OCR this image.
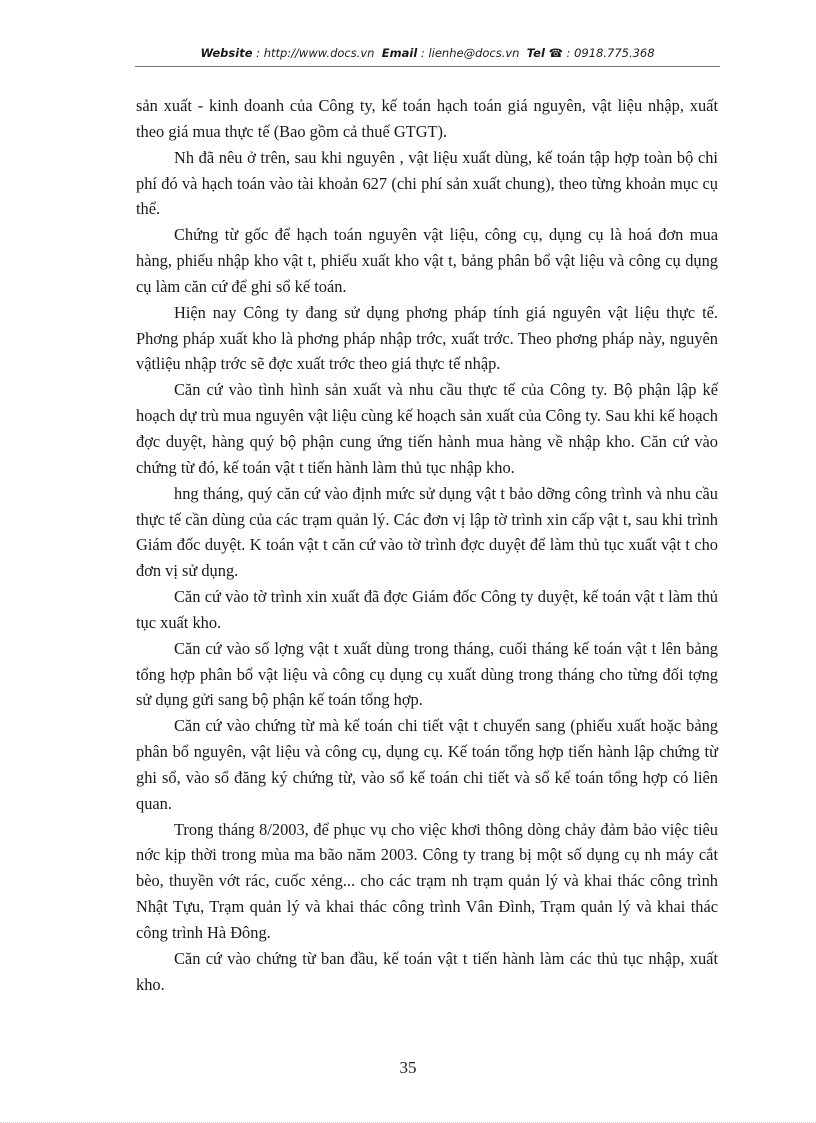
Website : http://www.docs.vn Email : lienhe@docs.vn Tel ☎ : 0918.775.368

sản xuất - kinh doanh của Công ty, kế toán hạch toán giá nguyên, vật liệu nhập, xuất theo giá mua thực tế (Bao gồm cả thuế GTGT).

Nh đã nêu ở trên, sau khi nguyên , vật liệu xuất dùng, kế toán tập hợp toàn bộ chi phí đó và hạch toán vào tài khoản 627 (chi phí sản xuất chung), theo từng khoản mục cụ thể.

Chứng từ gốc để hạch toán nguyên vật liệu, công cụ, dụng cụ là hoá đơn mua hàng, phiếu nhập kho vật t, phiếu xuất kho vật t, bảng phân bổ vật liệu và công cụ dụng cụ làm căn cứ để ghi sổ kế toán.

Hiện nay Công ty đang sử dụng phơng pháp tính giá nguyên vật liệu thực tế. Phơng pháp xuất kho là phơng pháp nhập trớc, xuất trớc. Theo phơng pháp này, nguyên vậtliệu nhập trớc sẽ đợc xuất trớc theo giá thực tế nhập.

Căn cứ vào tình hình sản xuất và nhu cầu thực tế của Công ty. Bộ phận lập kế hoạch dự trù mua nguyên vật liệu cùng kế hoạch sản xuất của Công ty. Sau khi kế hoạch đợc duyệt, hàng quý bộ phận cung ứng tiến hành mua hàng về nhập kho. Căn cứ vào chứng từ đó, kế toán vật t tiến hành làm thủ tục nhập kho.

hng tháng, quý căn cứ vào định mức sử dụng vật t bảo dỡng công trình và nhu cầu thực tế cần dùng của các trạm quản lý. Các đơn vị lập tờ trình xin cấp vật t, sau khi trình Giám đốc duyệt. K toán vật t căn cứ vào tờ trình đợc duyệt để làm thủ tục xuất vật t cho đơn vị sử dụng.

Căn cứ vào tờ trình xin xuất đã đợc Giám đốc Công ty duyệt, kế toán vật t làm thủ tục xuất kho.

Căn cứ vào số lợng vật t xuất dùng trong tháng, cuối tháng kế toán vật t lên bảng tổng hợp phân bổ vật liệu và công cụ dụng cụ xuất dùng trong tháng cho từng đối tợng sử dụng gửi sang bộ phận kế toán tổng hợp.

Căn cứ vào chứng từ mà kế toán chi tiết vật t chuyển sang (phiếu xuất hoặc bảng phân bổ nguyên, vật liệu và công cụ, dụng cụ. Kế toán tổng hợp tiến hành lập chứng từ ghi sổ, vào sổ đăng ký chứng từ, vào sổ kế toán chi tiết và sổ kế toán tổng hợp có liên quan.

Trong tháng 8/2003, để phục vụ cho việc khơi thông dòng chảy đảm bảo việc tiêu nớc kịp thời trong mùa ma bão năm 2003. Công ty trang bị một số dụng cụ nh máy cắt bèo, thuyền vớt rác, cuốc xẻng... cho các trạm nh trạm quản lý và khai thác công trình Nhật Tựu, Trạm quản lý và khai thác công trình Vân Đình, Trạm quản lý và khai thác công trình Hà Đông.

Căn cứ vào chứng từ ban đầu, kế toán vật t tiến hành làm các thủ tục nhập, xuất kho.

35
